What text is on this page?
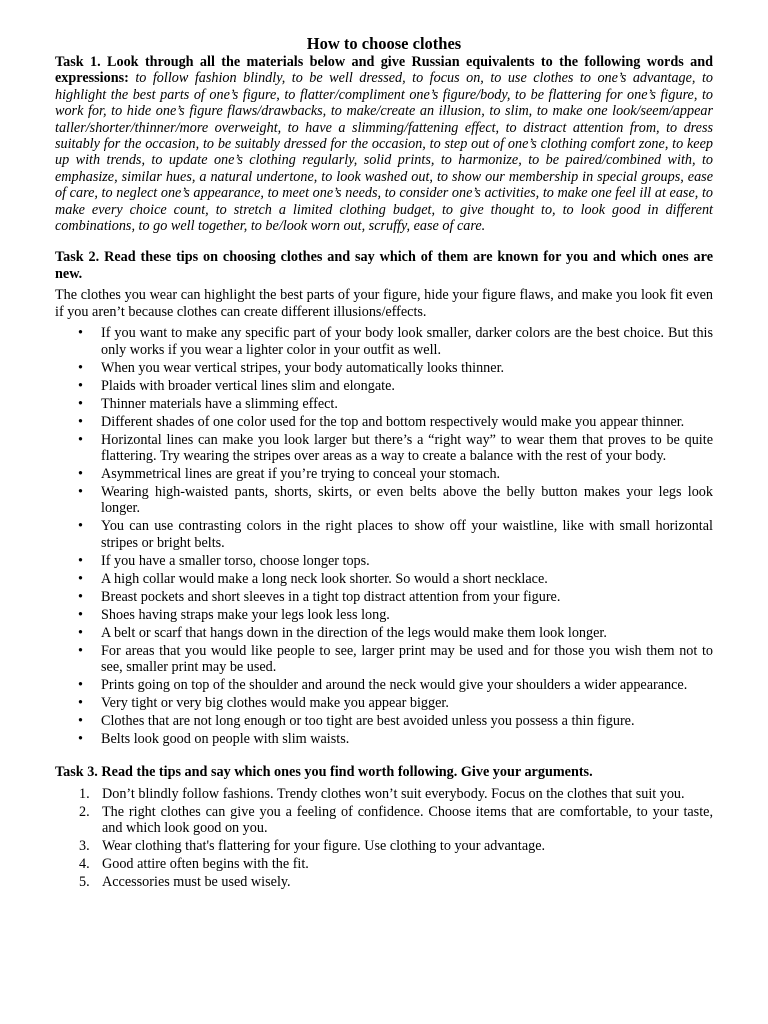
How to choose clothes

Task 1. Look through all the materials below and give Russian equivalents to the following words and expressions: to follow fashion blindly, to be well dressed, to focus on, to use clothes to one’s advantage, to highlight the best parts of one’s figure, to flatter/compliment one’s figure/body, to be flattering for one’s figure, to work for, to hide one’s figure flaws/drawbacks, to make/create an illusion, to slim, to make one look/seem/appear taller/shorter/thinner/more overweight, to have a slimming/fattening effect, to distract attention from, to dress suitably for the occasion, to be suitably dressed for the occasion, to step out of one’s clothing comfort zone, to keep up with trends, to update one’s clothing regularly, solid prints, to harmonize, to be paired/combined with, to emphasize, similar hues, a natural undertone, to look washed out, to show our membership in special groups, ease of care, to neglect one’s appearance, to meet one’s needs, to consider one’s activities, to make one feel ill at ease, to make every choice count, to stretch a limited clothing budget, to give thought to, to look good in different combinations, to go well together, to be/look worn out, scruffy, ease of care.

Task 2. Read these tips on choosing clothes and say which of them are known for you and which ones are new.

The clothes you wear can highlight the best parts of your figure, hide your figure flaws, and make you look fit even if you aren’t because clothes can create different illusions/effects.

• If you want to make any specific part of your body look smaller, darker colors are the best choice. But this only works if you wear a lighter color in your outfit as well.
• When you wear vertical stripes, your body automatically looks thinner.
• Plaids with broader vertical lines slim and elongate.
• Thinner materials have a slimming effect.
• Different shades of one color used for the top and bottom respectively would make you appear thinner.
• Horizontal lines can make you look larger but there’s a “right way” to wear them that proves to be quite flattering. Try wearing the stripes over areas as a way to create a balance with the rest of your body.
• Asymmetrical lines are great if you’re trying to conceal your stomach.
• Wearing high-waisted pants, shorts, skirts, or even belts above the belly button makes your legs look longer.
• You can use contrasting colors in the right places to show off your waistline, like with small horizontal stripes or bright belts.
• If you have a smaller torso, choose longer tops.
• A high collar would make a long neck look shorter. So would a short necklace.
• Breast pockets and short sleeves in a tight top distract attention from your figure.
• Shoes having straps make your legs look less long.
• A belt or scarf that hangs down in the direction of the legs would make them look longer.
• For areas that you would like people to see, larger print may be used and for those you wish them not to see, smaller print may be used.
• Prints going on top of the shoulder and around the neck would give your shoulders a wider appearance.
• Very tight or very big clothes would make you appear bigger.
• Clothes that are not long enough or too tight are best avoided unless you possess a thin figure.
• Belts look good on people with slim waists.

Task 3. Read the tips and say which ones you find worth following. Give your arguments.

1. Don’t blindly follow fashions. Trendy clothes won’t suit everybody. Focus on the clothes that suit you.
2. The right clothes can give you a feeling of confidence. Choose items that are comfortable, to your taste, and which look good on you.
3. Wear clothing that's flattering for your figure. Use clothing to your advantage.
4. Good attire often begins with the fit.
5. Accessories must be used wisely.
